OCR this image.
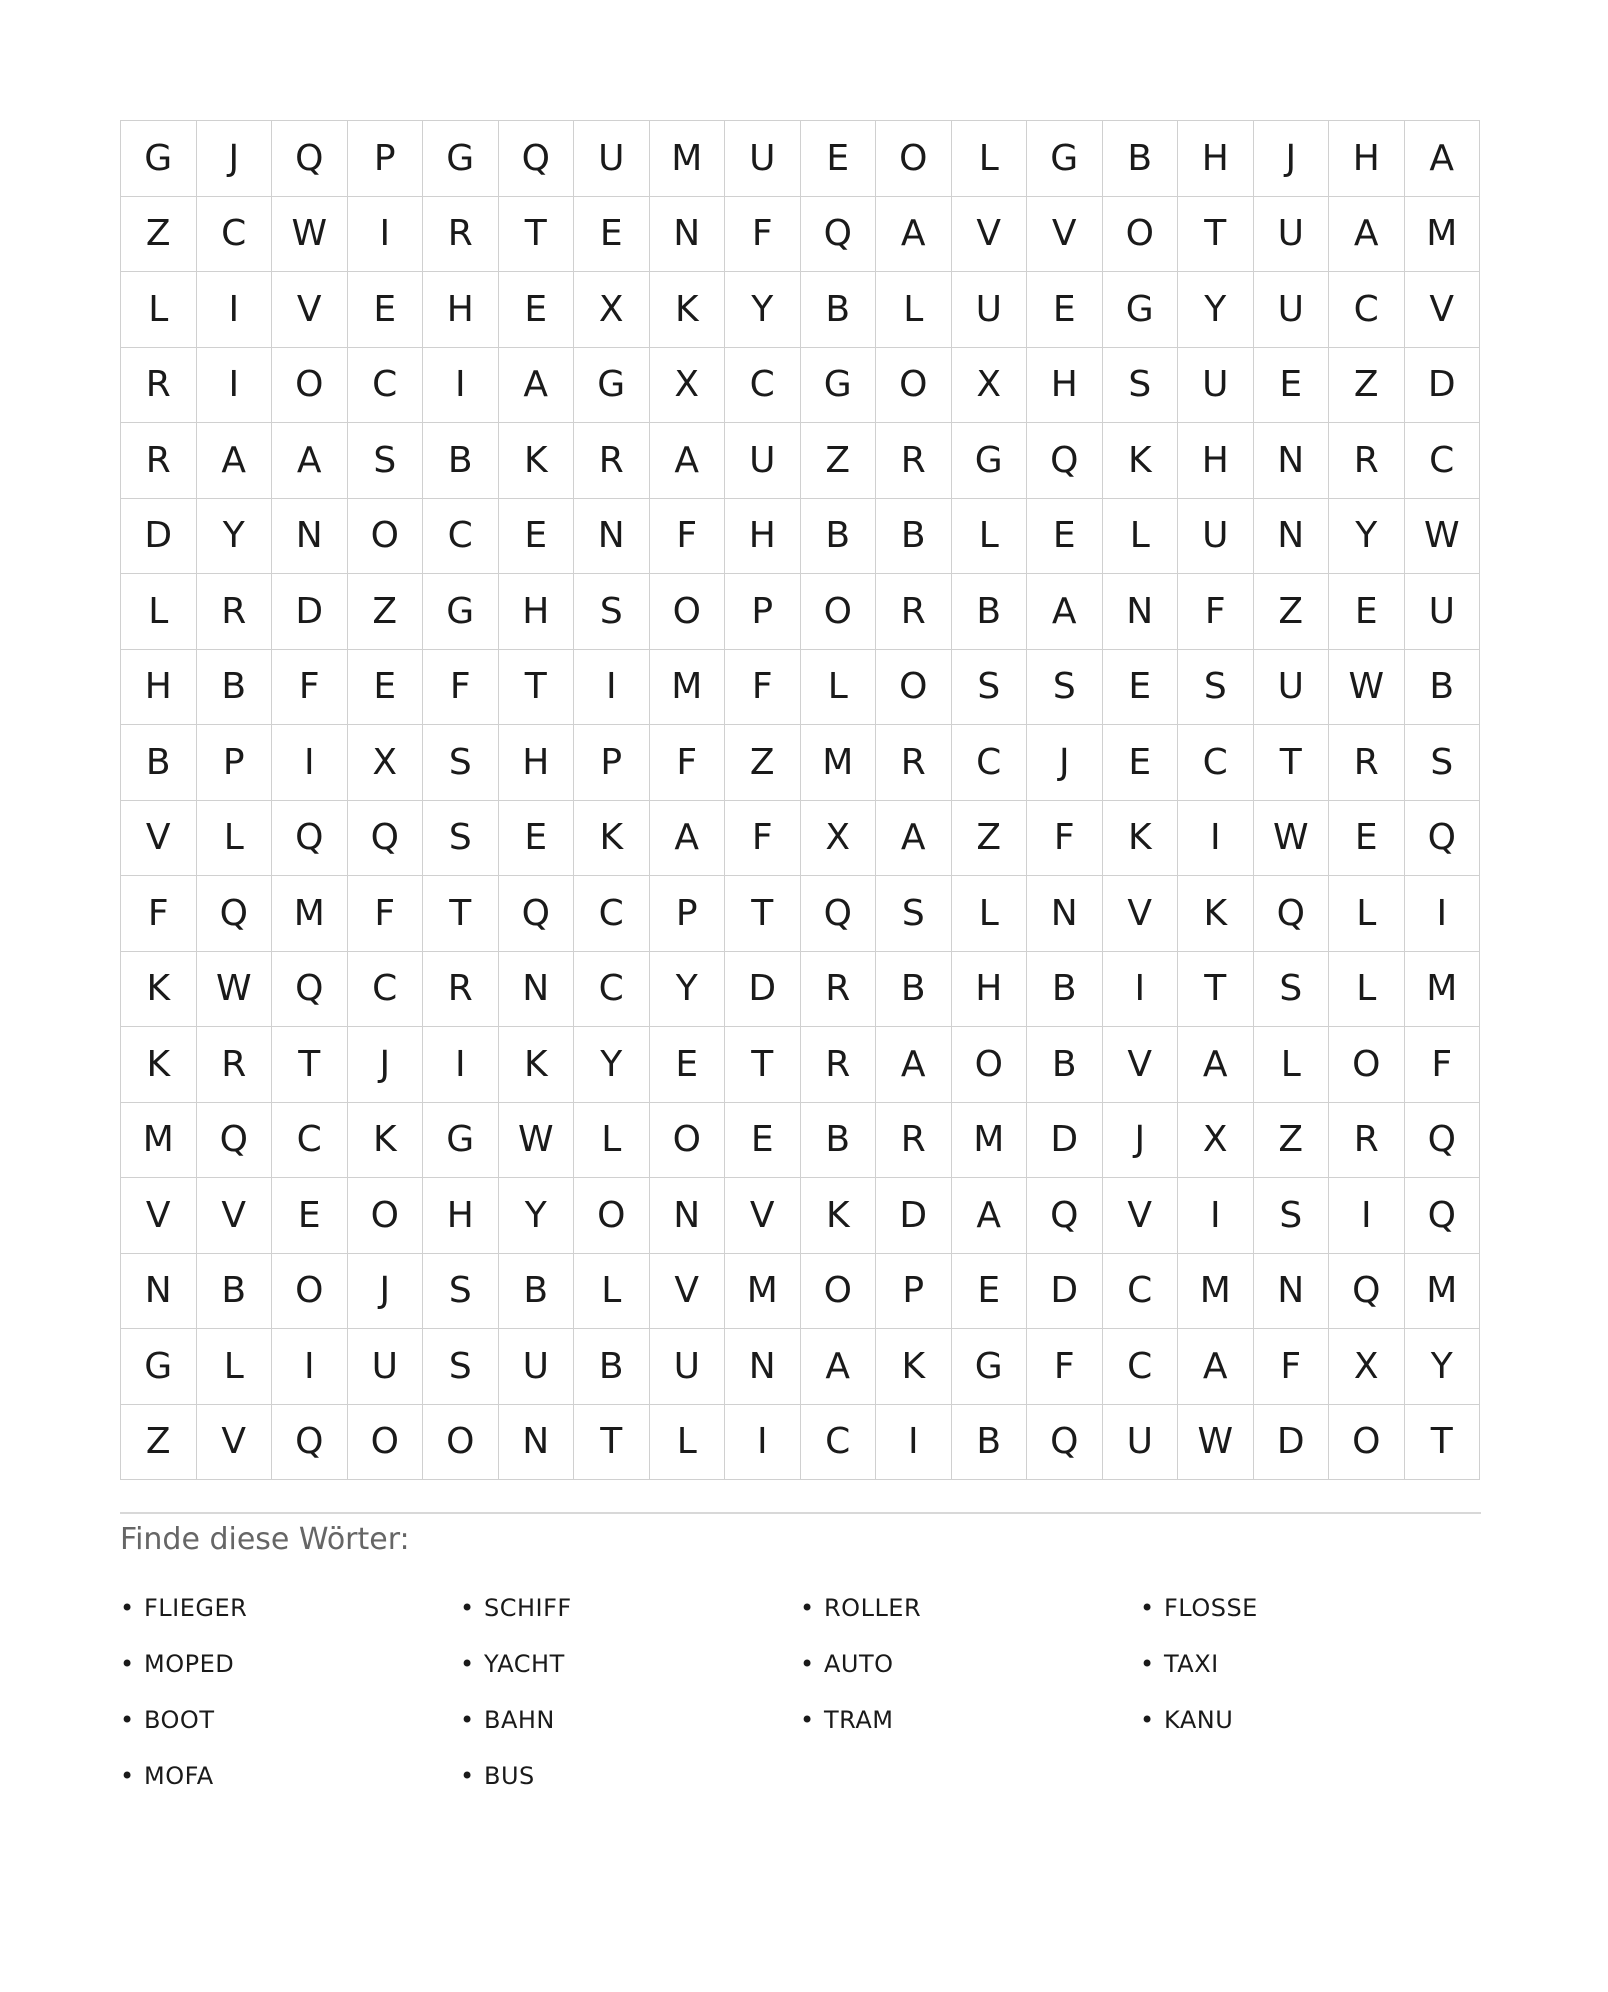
G	J	Q	P	G	Q	U	M	U	E	O	L	G	B	H	J	H	A
Z	C	W	I	R	T	E	N	F	Q	A	V	V	O	T	U	A	M
L	I	V	E	H	E	X	K	Y	B	L	U	E	G	Y	U	C	V
R	I	O	C	I	A	G	X	C	G	O	X	H	S	U	E	Z	D
R	A	A	S	B	K	R	A	U	Z	R	G	Q	K	H	N	R	C
D	Y	N	O	C	E	N	F	H	B	B	L	E	L	U	N	Y	W
L	R	D	Z	G	H	S	O	P	O	R	B	A	N	F	Z	E	U
H	B	F	E	F	T	I	M	F	L	O	S	S	E	S	U	W	B
B	P	I	X	S	H	P	F	Z	M	R	C	J	E	C	T	R	S
V	L	Q	Q	S	E	K	A	F	X	A	Z	F	K	I	W	E	Q
F	Q	M	F	T	Q	C	P	T	Q	S	L	N	V	K	Q	L	I
K	W	Q	C	R	N	C	Y	D	R	B	H	B	I	T	S	L	M
K	R	T	J	I	K	Y	E	T	R	A	O	B	V	A	L	O	F
M	Q	C	K	G	W	L	O	E	B	R	M	D	J	X	Z	R	Q
V	V	E	O	H	Y	O	N	V	K	D	A	Q	V	I	S	I	Q
N	B	O	J	S	B	L	V	M	O	P	E	D	C	M	N	Q	M
G	L	I	U	S	U	B	U	N	A	K	G	F	C	A	F	X	Y
Z	V	Q	O	O	N	T	L	I	C	I	B	Q	U	W	D	O	T
Finde diese Wörter:
• FLIEGER	• SCHIFF	• ROLLER	• FLOSSE
• MOPED	• YACHT	• AUTO	• TAXI
• BOOT	• BAHN	• TRAM	• KANU
• MOFA	• BUS
